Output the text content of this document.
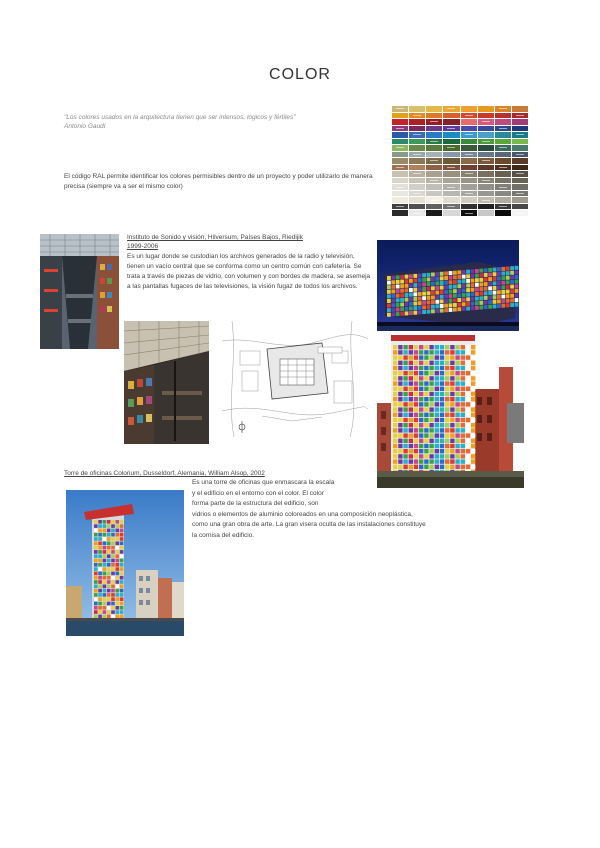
COLOR
"Los colores usados en la arquitectura tienen que ser intensos, lógicos y fértiles"
Antonio Gaudí
El código RAL permite identificar los colores permisibles dentro de un proyecto y poder utilizarlo de manera precisa (siempre va a ser el mismo color)
Instituto de Sonido y visión, Hilversum, Países Bajos, Riedijik
1999-2006
Es un lugar donde se custodian los archivos generados de la radio y televisión, tienen un vacío central que se conforma como un centro común con cafetería. Se trata a través de piezas de vidrio, con volumen y con bordes de madera, se asemeja a las pantallas fugaces de las televisiones, la visión fugaz de todos los archivos.
Torre de oficinas Colorium, Dusseldorf, Alemania, William Alsop, 2002
Es una torre de oficinas que enmascara la escala
y el edificio en el entorno con el color. El color
forma parte de la estructura del edificio, son
vidrios o elementos de aluminio coloreados en una composición neoplástica,
como una gran obra de arte. La gran visera oculta de las instalaciones constituye
la cornisa del edificio.
